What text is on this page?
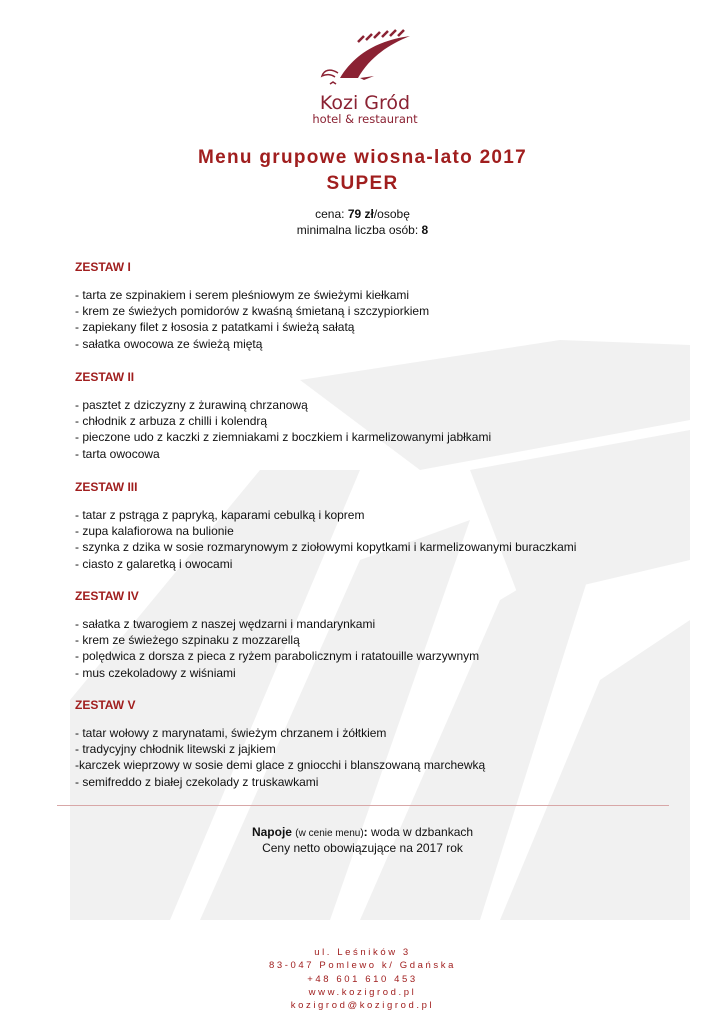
Kozi Gród
hotel & restaurant
Menu grupowe wiosna-lato 2017
SUPER
cena: 79 zł/osobę
minimalna liczba osób: 8
ZESTAW I
- tarta ze szpinakiem i serem pleśniowym ze świeżymi kiełkami
- krem ze świeżych pomidorów z kwaśną śmietaną i szczypiorkiem
- zapiekany filet z łososia z patatkami i świeżą sałatą
- sałatka owocowa ze świeżą miętą
ZESTAW II
- pasztet z dziczyzny z żurawiną chrzanową
- chłodnik z arbuza z chilli i kolendrą
- pieczone udo z kaczki z ziemniakami z boczkiem i karmelizowanymi jabłkami
- tarta owocowa
ZESTAW III
- tatar z pstrąga z papryką, kaparami cebulką i koprem
- zupa kalafiorowa na bulionie
- szynka z dzika w sosie rozmarynowym z ziołowymi kopytkami i karmelizowanymi buraczkami
- ciasto z galaretką i owocami
ZESTAW IV
- sałatka z twarogiem z naszej wędzarni i mandarynkami
- krem ze świeżego szpinaku z mozzarellą
- polędwica z dorsza z pieca z ryżem parabolicznym i ratatouille warzywnym
- mus czekoladowy z wiśniami
ZESTAW V
- tatar wołowy z marynatami, świeżym chrzanem i żółtkiem
- tradycyjny chłodnik litewski z jajkiem
-karczek wieprzowy w sosie demi glace z gniocchi i blanszowaną marchewką
- semifreddo z białej czekolady z truskawkami
Napoje (w cenie menu): woda w dzbankach
Ceny netto obowiązujące na 2017 rok
ul. Leśników 3
83-047 Pomlewo k/ Gdańska
+48 601 610 453
www.kozigrod.pl
kozigrod@kozigrod.pl
